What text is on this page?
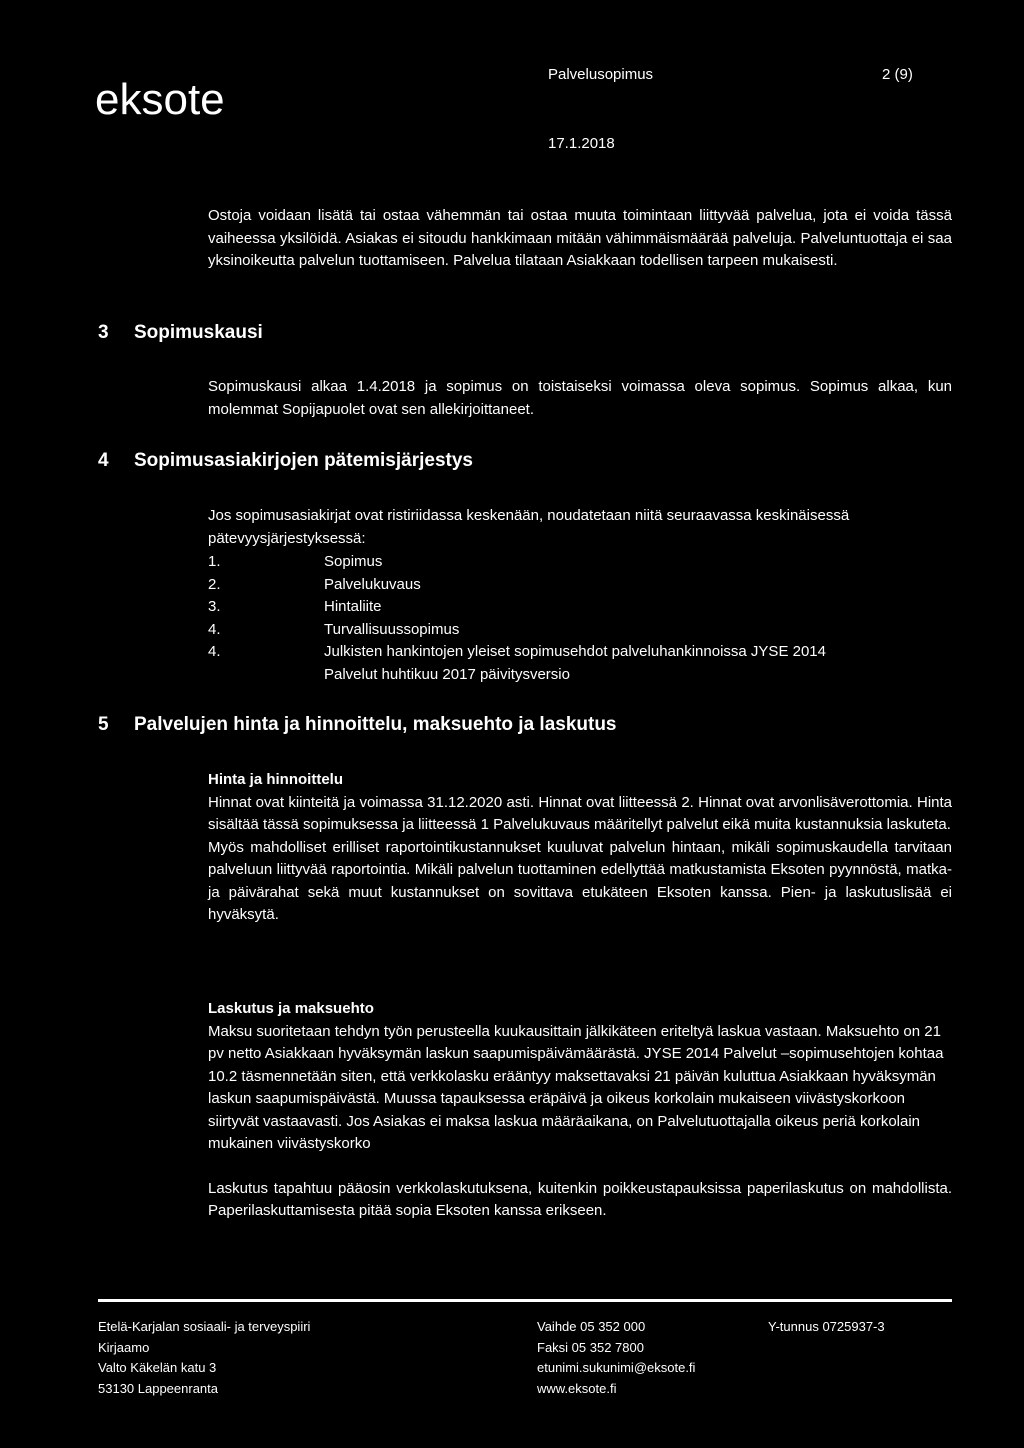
eksote
Palvelusopimus	2 (9)
17.1.2018

Ostoja voidaan lisätä tai ostaa vähemmän tai ostaa muuta toimintaan liittyvää palvelua, jota ei voida tässä vaiheessa yksilöidä. Asiakas ei sitoudu hankkimaan mitään vähimmäismäärää palveluja. Palveluntuottaja ei saa yksinoikeutta palvelun tuottamiseen. Palvelua tilataan Asiakkaan todellisen tarpeen mukaisesti.

3 Sopimuskausi

Sopimuskausi alkaa 1.4.2018 ja sopimus on toistaiseksi voimassa oleva sopimus. Sopimus alkaa, kun molemmat Sopijapuolet ovat sen allekirjoittaneet.

4 Sopimusasiakirjojen pätemisjärjestys

Jos sopimusasiakirjat ovat ristiriidassa keskenään, noudatetaan niitä seuraavassa keskinäisessä pätevyysjärjestyksessä:

1.	Sopimus
2.	Palvelukuvaus
3.	Hintaliite
4.	Turvallisuussopimus
4.	Julkisten hankintojen yleiset sopimusehdot palveluhankinnoissa JYSE 2014
Palvelut huhtikuu 2017 päivitysversio
5 Palvelujen hinta ja hinnoittelu, maksuehto ja laskutus

Hinta ja hinnoittelu

Hinnat ovat kiinteitä ja voimassa 31.12.2020 asti. Hinnat ovat liitteessä 2. Hinnat ovat arvonlisäverottomia. Hinta sisältää tässä sopimuksessa ja liitteessä 1 Palvelukuvaus määritellyt palvelut eikä muita kustannuksia laskuteta.

Myös mahdolliset erilliset raportointikustannukset kuuluvat palvelun hintaan, mikäli sopimuskaudella tarvitaan palveluun liittyvää raportointia. Mikäli palvelun tuottaminen edellyttää matkustamista Eksoten pyynnöstä, matka- ja päivärahat sekä muut kustannukset on sovittava etukäteen Eksoten kanssa. Pien- ja laskutuslisää ei hyväksytä.

Laskutus ja maksuehto

Maksu suoritetaan tehdyn työn perusteella kuukausittain jälkikäteen eriteltyä laskua vastaan. Maksuehto on 21 pv netto Asiakkaan hyväksymän laskun saapumispäivämäärästä. JYSE 2014 Palvelut –sopimusehtojen kohtaa 10.2 täsmennetään siten, että verkkolasku erääntyy maksettavaksi 21 päivän kuluttua Asiakkaan hyväksymän laskun saapumispäivästä. Muussa tapauksessa eräpäivä ja oikeus korkolain mukaiseen viivästyskorkoon siirtyvät vastaavasti. Jos Asiakas ei maksa laskua määräaikana, on Palvelutuottajalla oikeus periä korkolain mukainen viivästyskorko

Laskutus tapahtuu pääosin verkkolaskutuksena, kuitenkin poikkeustapauksissa paperilaskutus on mahdollista. Paperilaskuttamisesta pitää sopia Eksoten kanssa erikseen.

Etelä-Karjalan sosiaali- ja terveyspiiri
Kirjaamo
Valto Käkelän katu 3
53130 Lappeenranta
Vaihde 05 352 000
Faksi 05 352 7800
etunimi.sukunimi@eksote.fi
www.eksote.fi
Y-tunnus 0725937-3
